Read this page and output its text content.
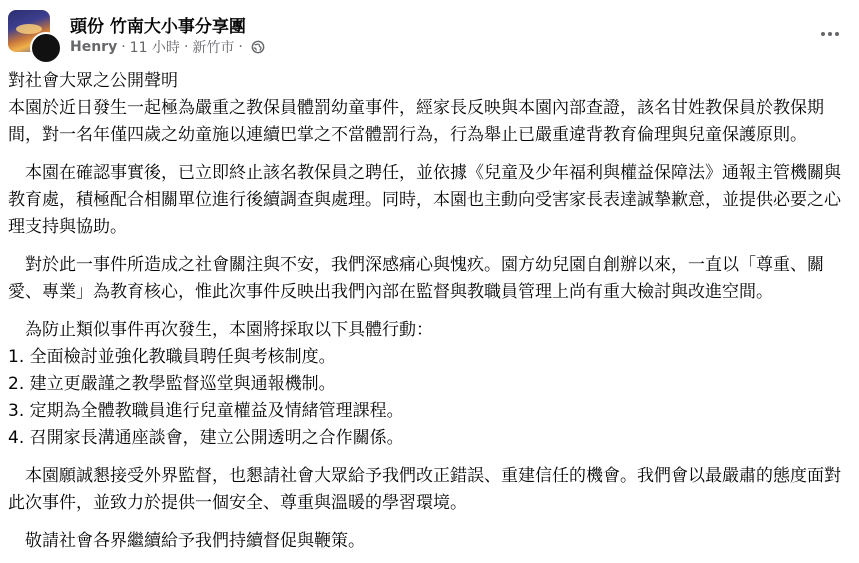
頭份 竹南大小事分享團
Henry · 11 小時 · 新竹市 ·

對社會大眾之公開聲明

本園於近日發生一起極為嚴重之教保員體罰幼童事件，經家長反映與本園內部查證，該名甘姓教保員於教保期間，對一名年僅四歲之幼童施以連續巴掌之不當體罰行為，行為舉止已嚴重違背教育倫理與兒童保護原則。

本園在確認事實後，已立即終止該名教保員之聘任，並依據《兒童及少年福利與權益保障法》通報主管機關與教育處，積極配合相關單位進行後續調查與處理。同時，本園也主動向受害家長表達誠摯歉意，並提供必要之心理支持與協助。

對於此一事件所造成之社會關注與不安，我們深感痛心與愧疚。園方幼兒園自創辦以來，一直以「尊重、關愛、專業」為教育核心，惟此次事件反映出我們內部在監督與教職員管理上尚有重大檢討與改進空間。

為防止類似事件再次發生，本園將採取以下具體行動：

1. 全面檢討並強化教職員聘任與考核制度。

2. 建立更嚴謹之教學監督巡堂與通報機制。

3. 定期為全體教職員進行兒童權益及情緒管理課程。

4. 召開家長溝通座談會，建立公開透明之合作關係。

本園願誠懇接受外界監督，也懇請社會大眾給予我們改正錯誤、重建信任的機會。我們會以最嚴肅的態度面對此次事件，並致力於提供一個安全、尊重與溫暖的學習環境。

敬請社會各界繼續給予我們持續督促與鞭策。
